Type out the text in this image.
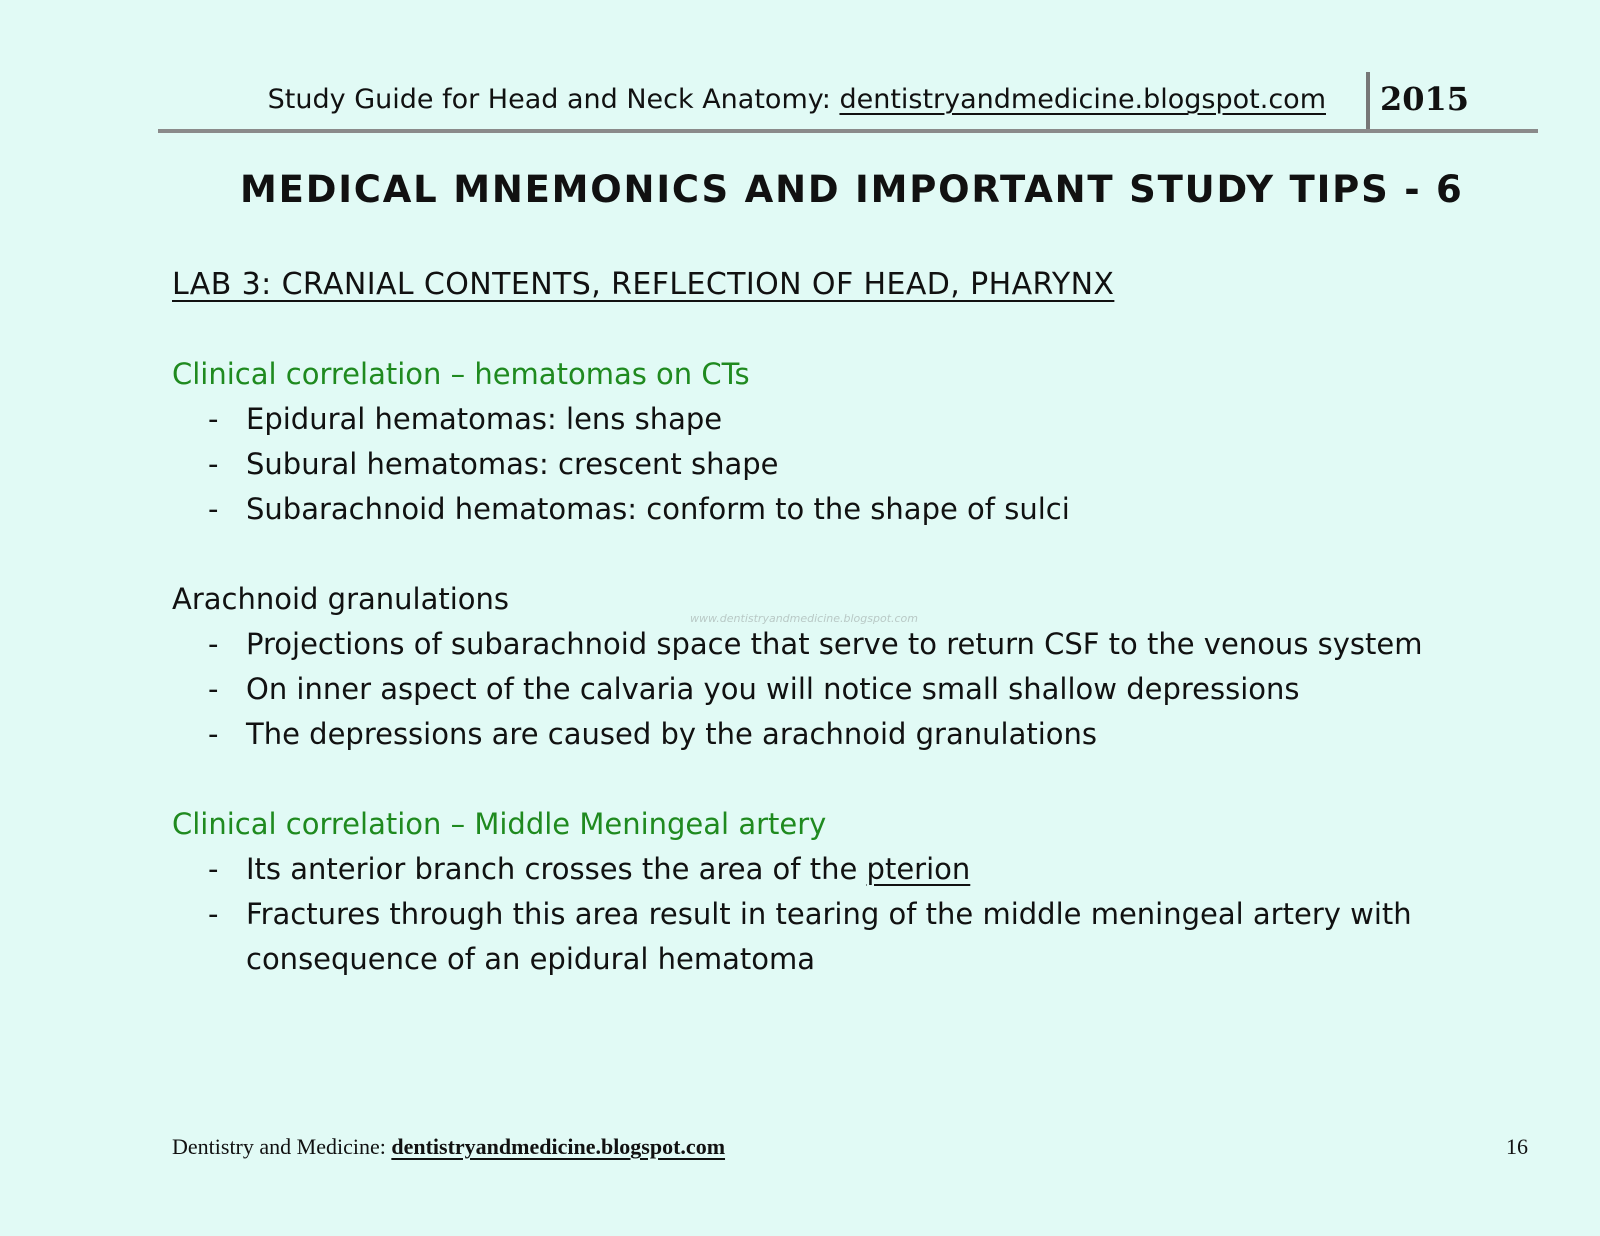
Study Guide for Head and Neck Anatomy: dentistryandmedicine.blogspot.com 2015
MEDICAL MNEMONICS AND IMPORTANT STUDY TIPS - 6
LAB 3: CRANIAL CONTENTS, REFLECTION OF HEAD, PHARYNX
Clinical correlation – hematomas on CTs
- Epidural hematomas: lens shape
- Subural hematomas: crescent shape
- Subarachnoid hematomas: conform to the shape of sulci
Arachnoid granulations
- Projections of subarachnoid space that serve to return CSF to the venous system
- On inner aspect of the calvaria you will notice small shallow depressions
- The depressions are caused by the arachnoid granulations
www.dentistryandmedicine.blogspot.com
Clinical correlation – Middle Meningeal artery
- Its anterior branch crosses the area of the pterion
- Fractures through this area result in tearing of the middle meningeal artery with consequence of an epidural hematoma
Dentistry and Medicine: dentistryandmedicine.blogspot.com	16
